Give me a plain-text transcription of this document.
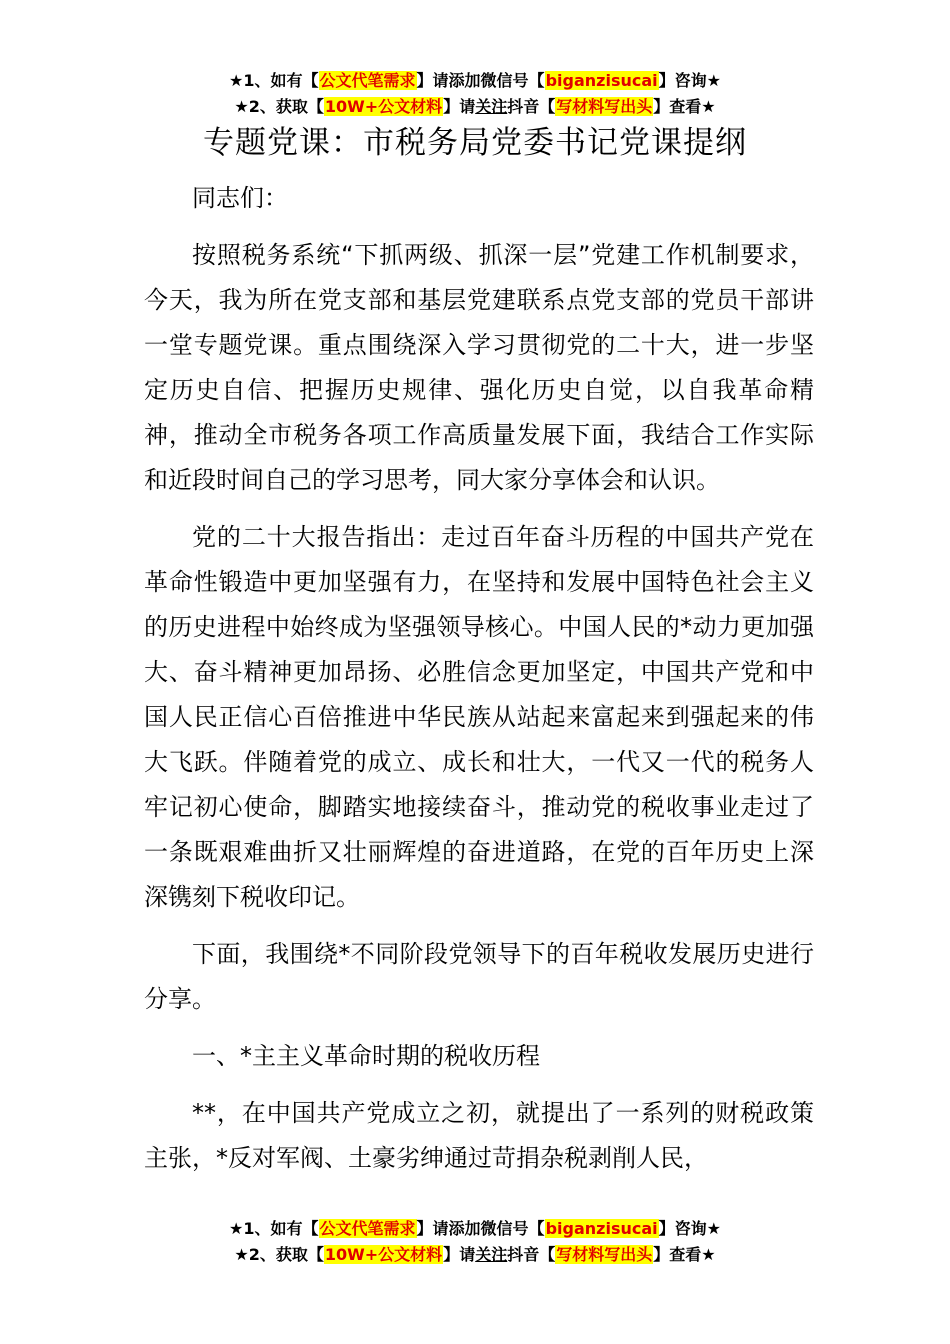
★1、如有【公文代笔需求】请添加微信号【biganzisucai】咨询★
★2、获取【10W+公文材料】请关注抖音【写材料写出头】查看★
专题党课：市税务局党委书记党课提纲

同志们：

按照税务系统“下抓两级、抓深一层”党建工作机制要求，今天，我为所在党支部和基层党建联系点党支部的党员干部讲一堂专题党课。重点围绕深入学习贯彻党的二十大，进一步坚定历史自信、把握历史规律、强化历史自觉，以自我革命精神，推动全市税务各项工作高质量发展下面，我结合工作实际和近段时间自己的学习思考，同大家分享体会和认识。

党的二十大报告指出：走过百年奋斗历程的中国共产党在革命性锻造中更加坚强有力，在坚持和发展中国特色社会主义的历史进程中始终成为坚强领导核心。中国人民的*动力更加强大、奋斗精神更加昂扬、必胜信念更加坚定，中国共产党和中国人民正信心百倍推进中华民族从站起来富起来到强起来的伟大飞跃。伴随着党的成立、成长和壮大，一代又一代的税务人牢记初心使命，脚踏实地接续奋斗，推动党的税收事业走过了一条既艰难曲折又壮丽辉煌的奋进道路，在党的百年历史上深深镌刻下税收印记。

下面，我围绕*不同阶段党领导下的百年税收发展历史进行分享。

一、*主主义革命时期的税收历程

**，在中国共产党成立之初，就提出了一系列的财税政策主张，*反对军阀、土豪劣绅通过苛捐杂税剥削人民，

★1、如有【公文代笔需求】请添加微信号【biganzisucai】咨询★
★2、获取【10W+公文材料】请关注抖音【写材料写出头】查看★
